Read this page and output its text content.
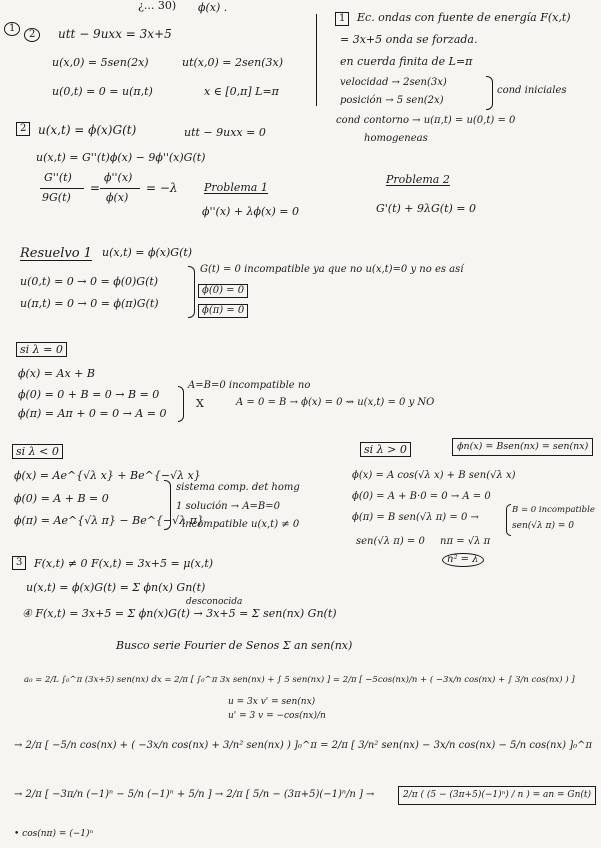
¿... 30) ϕ(x) .
1
2	utt − 9uxx = 3x+5
u(x,0) = 5sen(2x)	ut(x,0) = 2sen(3x)
u(0,t) = 0 = u(π,t)	x ∈ [0,π] L=π
1	Ec. ondas con fuente de energía F(x,t)
= 3x+5 onda se forzada.
en cuerda finita de L=π
velocidad → 2sen(3x)
posición → 5 sen(2x)
cond iniciales
cond contorno → u(π,t) = u(0,t) = 0
homogeneas
2 u(x,t) = ϕ(x)G(t)	utt − 9uxx = 0
u(x,t) = G''(t)ϕ(x) − 9ϕ''(x)G(t)
G''(t)
9G(t)
=
ϕ''(x)
ϕ(x)
= −λ Problema 1
ϕ''(x) + λϕ(x) = 0
Problema 2
G'(t) + 9λG(t) = 0
Resuelvo 1 u(x,t) = ϕ(x)G(t)
u(0,t) = 0 → 0 = ϕ(0)G(t)
u(π,t) = 0 → 0 = ϕ(π)G(t)
G(t) = 0 incompatible ya que no u(x,t)=0 y no es así
ϕ(0) = 0
ϕ(π) = 0
si λ = 0
ϕ(x) = Ax + B
ϕ(0) = 0 + B = 0 → B = 0
ϕ(π) = Aπ + 0 = 0 → A = 0
A=B=0 incompatible no
A = 0 = B → ϕ(x) = 0 ⇝ u(x,t) = 0 y NO
X
si λ < 0
ϕ(x) = Ae^{√λ x} + Be^{−√λ x}
ϕ(0) = A + B = 0
ϕ(π) = Ae^{√λ π} − Be^{−√λ π}
sistema comp. det homg
1 solución → A=B=0
incompatible u(x,t) ≠ 0
si λ > 0	ϕn(x) = Bsen(nx) = sen(nx)
ϕ(x) = A cos(√λ x) + B sen(√λ x)
ϕ(0) = A + B·0 = 0 → A = 0
ϕ(π) = B sen(√λ π) = 0 →
B = 0 incompatible
sen(√λ π) = 0
sen(√λ π) = 0 nπ = √λ π
n² = λ
3	F(x,t) ≠ 0 F(x,t) = 3x+5 = μ(x,t)
u(x,t) = ϕ(x)G(t) = Σ ϕn(x) Gn(t)
desconocida
④ F(x,t) = 3x+5 = Σ ϕn(x)G(t) → 3x+5 = Σ sen(nx) Gn(t)
Busco serie Fourier de Senos Σ an sen(nx)
a₀ = 2/L ∫₀^π (3x+5) sen(nx) dx = 2/π [ ∫₀^π 3x sen(nx) + ∫ 5 sen(nx) ] = 2/π [ −5cos(nx)/n + ( −3x/n cos(nx) + ∫ 3/n cos(nx) ) ]
u = 3x v' = sen(nx)
u' = 3 v = −cos(nx)/n
→ 2/π [ −5/n cos(nx) + ( −3x/n cos(nx) + 3/n² sen(nx) ) ]₀^π = 2/π [ 3/n² sen(nx) − 3x/n cos(nx) − 5/n cos(nx) ]₀^π
→ 2/π [ −3π/n (−1)ⁿ − 5/n (−1)ⁿ + 5/n ] → 2/π [ 5/n − (3π+5)(−1)ⁿ/n ] →	2/π ( (5 − (3π+5)(−1)ⁿ) / n ) = an = Gn(t)
• cos(nπ) = (−1)ⁿ
